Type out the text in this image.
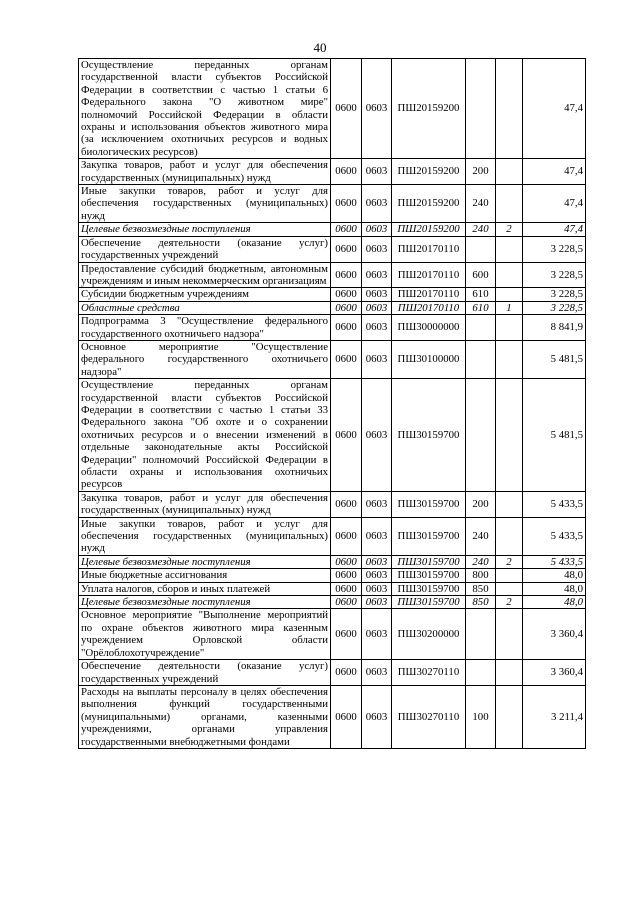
40
Осуществление переданных органам государственной власти субъектов Российской Федерации в соответствии с частью 1 статьи 6 Федерального закона "О животном мире" полномочий Российской Федерации в области охраны и использования объектов животного мира (за исключением охотничьих ресурсов и водных биологических ресурсов)	0600	0603	ПШ20159200			47,4
Закупка товаров, работ и услуг для обеспечения государственных (муниципальных) нужд	0600	0603	ПШ20159200	200		47,4
Иные закупки товаров, работ и услуг для обеспечения государственных (муниципальных) нужд	0600	0603	ПШ20159200	240		47,4
Целевые безвозмездные поступления	0600	0603	ПШ20159200	240	2	47,4
Обеспечение деятельности (оказание услуг) государственных учреждений	0600	0603	ПШ20170110			3 228,5
Предоставление субсидий бюджетным, автономным учреждениям и иным некоммерческим организациям	0600	0603	ПШ20170110	600		3 228,5
Субсидии бюджетным учреждениям	0600	0603	ПШ20170110	610		3 228,5
Областные средства	0600	0603	ПШ20170110	610	1	3 228,5
Подпрограмма 3 "Осуществление федерального государственного охотничьего надзора"	0600	0603	ПШ30000000			8 841,9
Основное мероприятие "Осуществление федерального государственного охотничьего надзора"	0600	0603	ПШ30100000			5 481,5
Осуществление переданных органам государственной власти субъектов Российской Федерации в соответствии с частью 1 статьи 33 Федерального закона "Об охоте и о сохранении охотничьих ресурсов и о внесении изменений в отдельные законодательные акты Российской Федерации" полномочий Российской Федерации в области охраны и использования охотничьих ресурсов	0600	0603	ПШ30159700			5 481,5
Закупка товаров, работ и услуг для обеспечения государственных (муниципальных) нужд	0600	0603	ПШ30159700	200		5 433,5
Иные закупки товаров, работ и услуг для обеспечения государственных (муниципальных) нужд	0600	0603	ПШ30159700	240		5 433,5
Целевые безвозмездные поступления	0600	0603	ПШ30159700	240	2	5 433,5
Иные бюджетные ассигнования	0600	0603	ПШ30159700	800		48,0
Уплата налогов, сборов и иных платежей	0600	0603	ПШ30159700	850		48,0
Целевые безвозмездные поступления	0600	0603	ПШ30159700	850	2	48,0
Основное мероприятие "Выполнение мероприятий по охране объектов животного мира казенным учреждением Орловской области "Орёлоблохотучреждение"	0600	0603	ПШ30200000			3 360,4
Обеспечение деятельности (оказание услуг) государственных учреждений	0600	0603	ПШ30270110			3 360,4
Расходы на выплаты персоналу в целях обеспечения выполнения функций государственными (муниципальными) органами, казенными учреждениями, органами управления государственными внебюджетными фондами	0600	0603	ПШ30270110	100		3 211,4
